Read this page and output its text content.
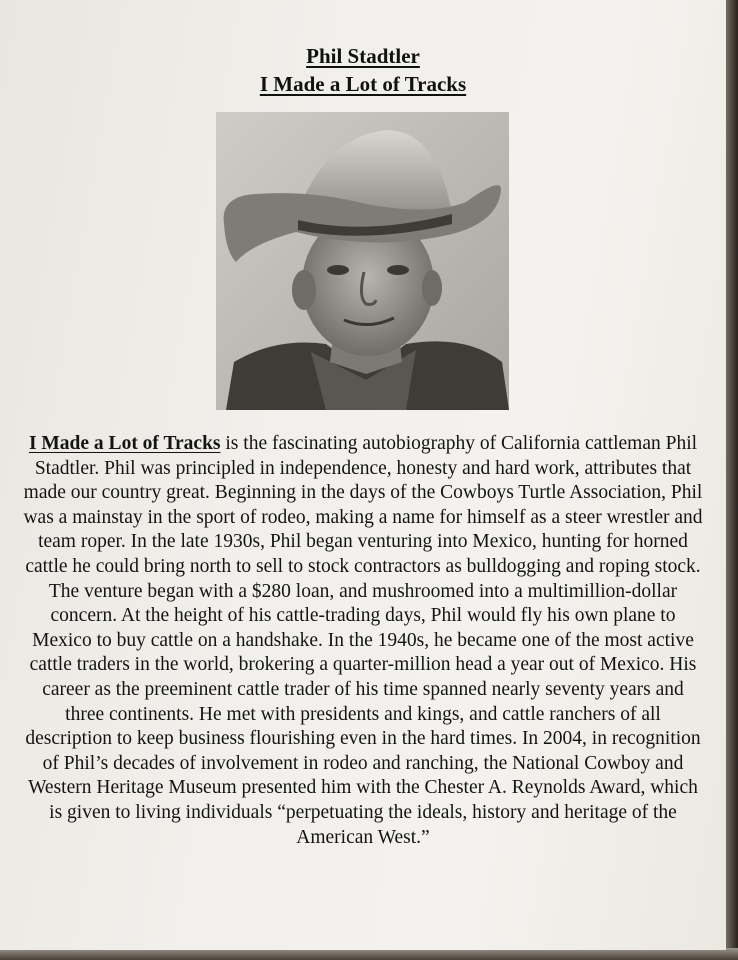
Phil Stadtler
I Made a Lot of Tracks
I Made a Lot of Tracks is the fascinating autobiography of California cattleman Phil Stadtler. Phil was principled in independence, honesty and hard work, attributes that made our country great. Beginning in the days of the Cowboys Turtle Association, Phil was a mainstay in the sport of rodeo, making a name for himself as a steer wrestler and team roper. In the late 1930s, Phil began venturing into Mexico, hunting for horned cattle he could bring north to sell to stock contractors as bulldogging and roping stock. The venture began with a $280 loan, and mushroomed into a multimillion-dollar concern. At the height of his cattle-trading days, Phil would fly his own plane to Mexico to buy cattle on a handshake. In the 1940s, he became one of the most active cattle traders in the world, brokering a quarter-million head a year out of Mexico. His career as the preeminent cattle trader of his time spanned nearly seventy years and three continents. He met with presidents and kings, and cattle ranchers of all description to keep business flourishing even in the hard times. In 2004, in recognition of Phil’s decades of involvement in rodeo and ranching, the National Cowboy and Western Heritage Museum presented him with the Chester A. Reynolds Award, which is given to living individuals “perpetuating the ideals, history and heritage of the American West.”
